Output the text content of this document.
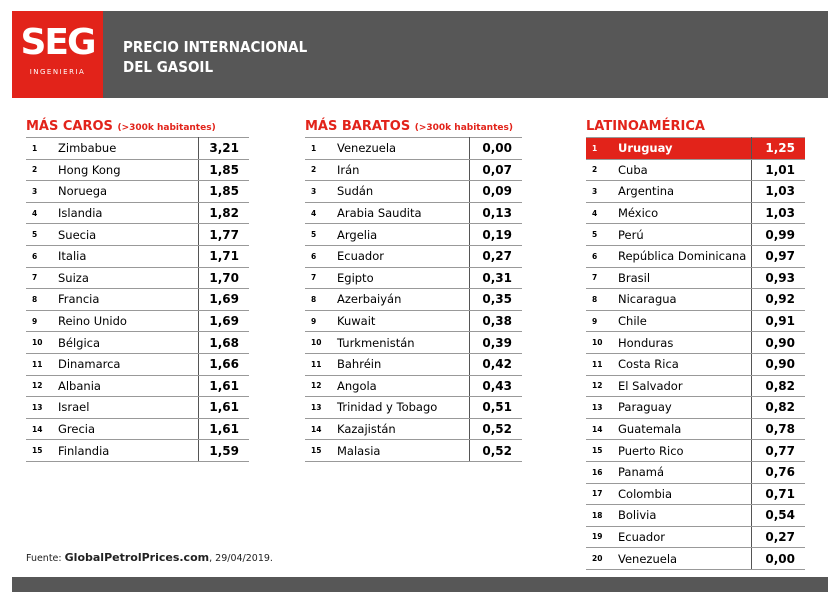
SEG
INGENIERIA
PRECIO INTERNACIONAL
DEL GASOIL
MÁS CAROS (>300k habitantes)
1	Zimbabue	3,21
2	Hong Kong	1,85
3	Noruega	1,85
4	Islandia	1,82
5	Suecia	1,77
6	Italia	1,71
7	Suiza	1,70
8	Francia	1,69
9	Reino Unido	1,69
10	Bélgica	1,68
11	Dinamarca	1,66
12	Albania	1,61
13	Israel	1,61
14	Grecia	1,61
15	Finlandia	1,59
MÁS BARATOS (>300k habitantes)
1	Venezuela	0,00
2	Irán	0,07
3	Sudán	0,09
4	Arabia Saudita	0,13
5	Argelia	0,19
6	Ecuador	0,27
7	Egipto	0,31
8	Azerbaiyán	0,35
9	Kuwait	0,38
10	Turkmenistán	0,39
11	Bahréin	0,42
12	Angola	0,43
13	Trinidad y Tobago	0,51
14	Kazajistán	0,52
15	Malasia	0,52
LATINOAMÉRICA
1	Uruguay	1,25
2	Cuba	1,01
3	Argentina	1,03
4	México	1,03
5	Perú	0,99
6	República Dominicana	0,97
7	Brasil	0,93
8	Nicaragua	0,92
9	Chile	0,91
10	Honduras	0,90
11	Costa Rica	0,90
12	El Salvador	0,82
13	Paraguay	0,82
14	Guatemala	0,78
15	Puerto Rico	0,77
16	Panamá	0,76
17	Colombia	0,71
18	Bolivia	0,54
19	Ecuador	0,27
20	Venezuela	0,00
Fuente: GlobalPetrolPrices.com, 29/04/2019.
